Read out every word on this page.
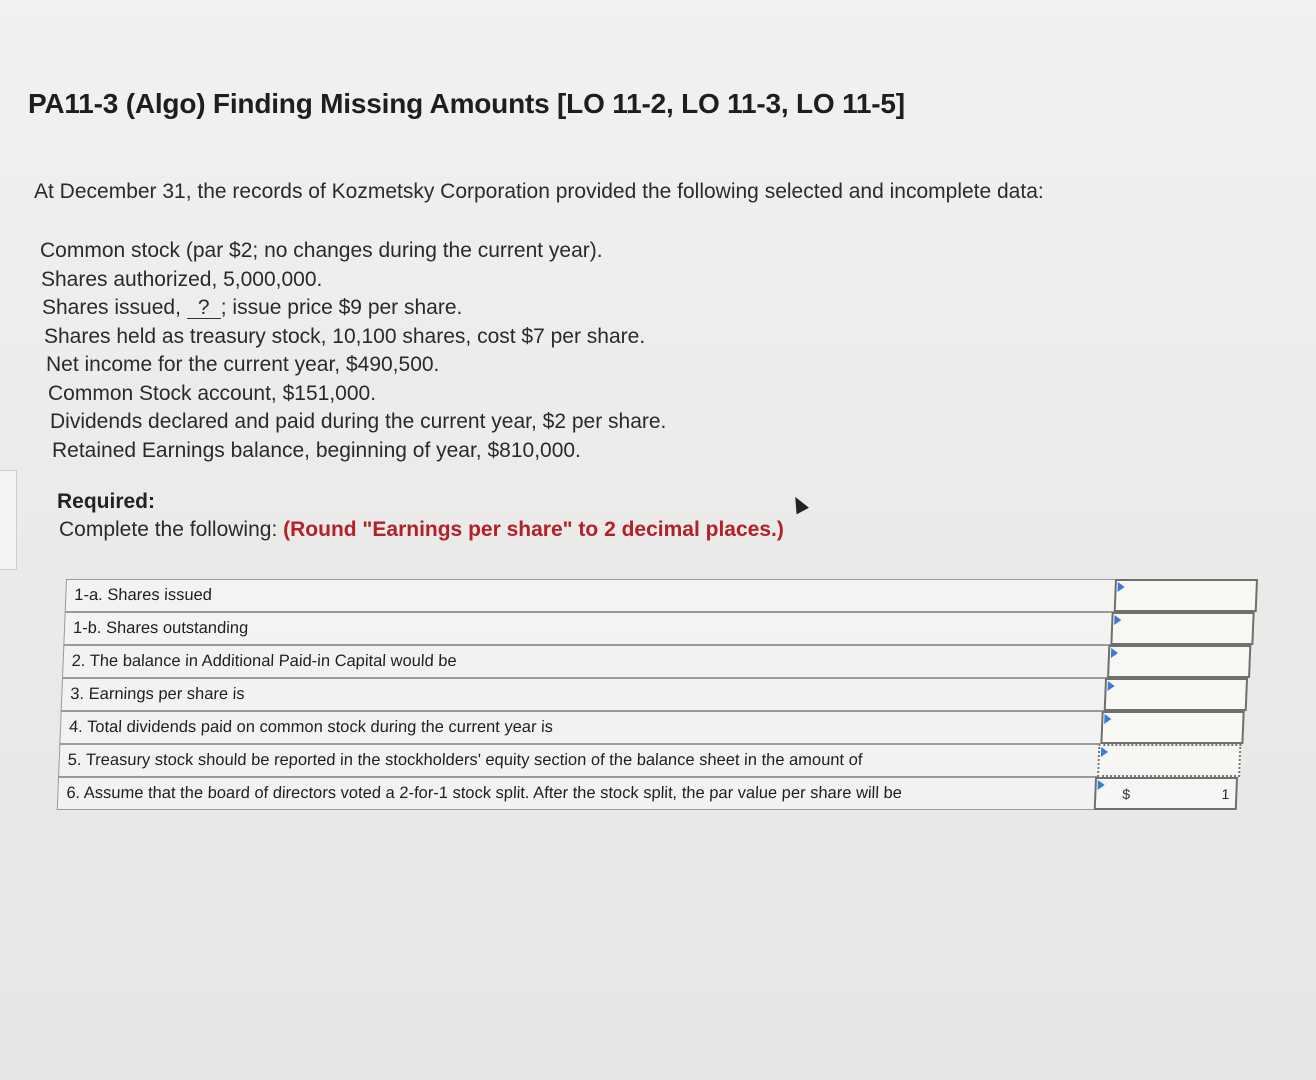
PA11-3 (Algo) Finding Missing Amounts [LO 11-2, LO 11-3, LO 11-5]

At December 31, the records of Kozmetsky Corporation provided the following selected and incomplete data:

Common stock (par $2; no changes during the current year).
Shares authorized, 5,000,000.
Shares issued, ? ; issue price $9 per share.
Shares held as treasury stock, 10,100 shares, cost $7 per share.
Net income for the current year, $490,500.
Common Stock account, $151,000.
Dividends declared and paid during the current year, $2 per share.
Retained Earnings balance, beginning of year, $810,000.

Required:

Complete the following: (Round "Earnings per share" to 2 decimal places.)

1-a. Shares issued
1-b. Shares outstanding
2. The balance in Additional Paid-in Capital would be
3. Earnings per share is
4. Total dividends paid on common stock during the current year is
5. Treasury stock should be reported in the stockholders' equity section of the balance sheet in the amount of
6. Assume that the board of directors voted a 2-for-1 stock split. After the stock split, the par value per share will be	$	1
